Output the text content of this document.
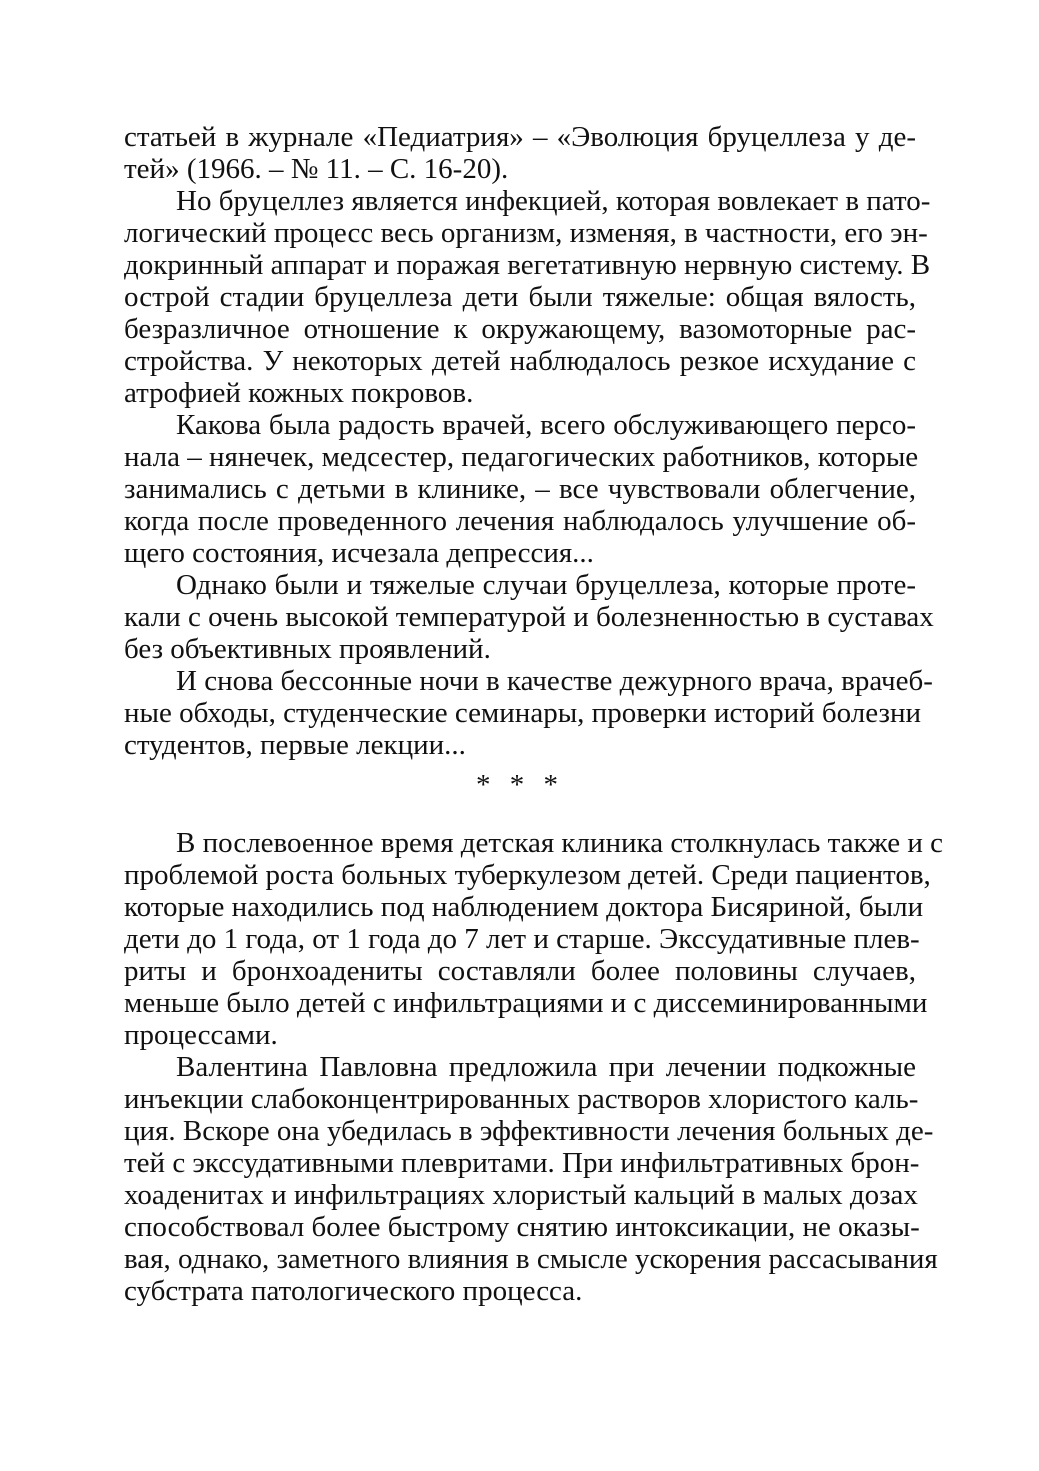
статьей в журнале «Педиатрия» – «Эволюция бруцеллеза у де-
тей» (1966. – № 11. – С. 16-20).
Но бруцеллез является инфекцией, которая вовлекает в пато-
логический процесс весь организм, изменяя, в частности, его эн-
докринный аппарат и поражая вегетативную нервную систему. В
острой стадии бруцеллеза дети были тяжелые: общая вялость,
безразличное отношение к окружающему, вазомоторные рас-
стройства. У некоторых детей наблюдалось резкое исхудание с
атрофией кожных покровов.
Какова была радость врачей, всего обслуживающего персо-
нала – нянечек, медсестер, педагогических работников, которые
занимались с детьми в клинике, – все чувствовали облегчение,
когда после проведенного лечения наблюдалось улучшение об-
щего состояния, исчезала депрессия...
Однако были и тяжелые случаи бруцеллеза, которые проте-
кали с очень высокой температурой и болезненностью в суставах
без объективных проявлений.
И снова бессонные ночи в качестве дежурного врача, врачеб-
ные обходы, студенческие семинары, проверки историй болезни
студентов, первые лекции...
* * *
В послевоенное время детская клиника столкнулась также и с
проблемой роста больных туберкулезом детей. Среди пациентов,
которые находились под наблюдением доктора Бисяриной, были
дети до 1 года, от 1 года до 7 лет и старше. Экссудативные плев-
риты и бронхоадениты составляли более половины случаев,
меньше было детей с инфильтрациями и с диссеминированными
процессами.
Валентина Павловна предложила при лечении подкожные
инъекции слабоконцентрированных растворов хлористого каль-
ция. Вскоре она убедилась в эффективности лечения больных де-
тей с экссудативными плевритами. При инфильтративных брон-
хоаденитах и инфильтрациях хлористый кальций в малых дозах
способствовал более быстрому снятию интоксикации, не оказы-
вая, однако, заметного влияния в смысле ускорения рассасывания
субстрата патологического процесса.
